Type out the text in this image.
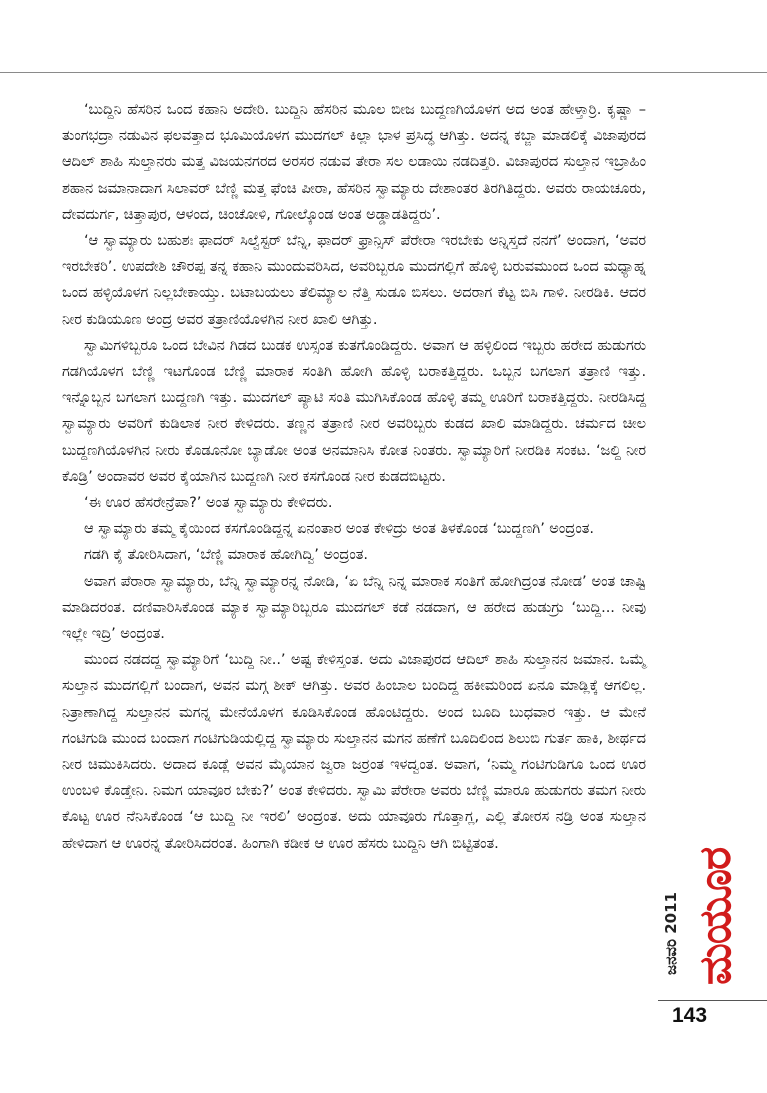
‘ಬುದ್ದಿನಿ ಹೆಸರಿನ ಒಂದ ಕಹಾನಿ ಅದೇರಿ. ಬುದ್ದಿನಿ ಹೆಸರಿನ ಮೂಲ ಬೀಜ ಬುದ್ದಣಗಿಯೊಳಗ ಅದ ಅಂತ ಹೇಳ್ತಾರ್ರಿ. ಕೃಷ್ಣಾ – ತುಂಗಭದ್ರಾ ನಡುವಿನ ಫಲವತ್ತಾದ ಭೂಮಿಯೊಳಗ ಮುದಗಲ್ ಕಿಲ್ಲಾ ಭಾಳ ಪ್ರಸಿದ್ಧ ಆಗಿತ್ತು. ಅದನ್ನ ಕಬ್ಜಾ ಮಾಡಲಿಕ್ಕೆ ವಿಜಾಪುರದ ಆದಿಲ್ ಶಾಹಿ ಸುಲ್ತಾನರು ಮತ್ತ ವಿಜಯನಗರದ ಅರಸರ ನಡುವ ತೇರಾ ಸಲ ಲಡಾಯಿ ನಡದಿತ್ತರಿ. ವಿಜಾಪುರದ ಸುಲ್ತಾನ ಇಬ್ರಾಹಿಂ ಶಹಾನ ಜಮಾನಾದಾಗ ಸಿಲಾವರ್ ಬೆಣ್ಣಿ ಮತ್ತ ಫೆಂಚಿ ಪೀರಾ, ಹೆಸರಿನ ಸ್ವಾಮ್ಯಾರು ದೇಶಾಂತರ ತಿರಗಿತಿದ್ದರು. ಅವರು ರಾಯಚೂರು, ದೇವದುರ್ಗ, ಚಿತ್ತಾಪುರ, ಆಳಂದ, ಚಿಂಚೋಳಿ, ಗೋಲ್ಕೊಂಡ ಅಂತ ಅಡ್ಡಾಡತಿದ್ದರು’.

‘ಆ ಸ್ವಾಮ್ಯಾರು ಬಹುಶಃ ಫಾದರ್ ಸಿಲ್ವೆಸ್ಟರ್ ಬೆನ್ನಿ, ಫಾದರ್ ಫ್ರಾನ್ಸಿಸ್ ಪೆರೇರಾ ಇರಬೇಕು ಅನ್ನಿಸ್ತದೆ ನನಗೆ’ ಅಂದಾಗ, ‘ಅವರ ಇರಬೇಕರಿ’. ಉಪದೇಶಿ ಚೌರಪ್ಪ ತನ್ನ ಕಹಾನಿ ಮುಂದುವರಿಸಿದ, ಅವರಿಬ್ಬರೂ ಮುದಗಲ್ಲಿಗೆ ಹೊಳ್ಳಿ ಬರುವಮುಂದ ಒಂದ ಮಧ್ಯಾಹ್ನ ಒಂದ ಹಳ್ಳಿಯೊಳಗ ನಿಲ್ಲಬೇಕಾಯ್ತು. ಬಟಾಬಯಲು ತೆಲಿಮ್ಯಾಲ ನೆತ್ತಿ ಸುಡೂ ಬಿಸಲು. ಅದರಾಗ ಕೆಟ್ಟ ಬಿಸಿ ಗಾಳಿ. ನೀರಡಿಕಿ. ಆದರ ನೀರ ಕುಡಿಯೂಣ ಅಂದ್ರ ಅವರ ತತ್ರಾಣಿಯೊಳಗಿನ ನೀರ ಖಾಲಿ ಆಗಿತ್ತು.

ಸ್ವಾಮಿಗಳಿಬ್ಬರೂ ಒಂದ ಬೇವಿನ ಗಿಡದ ಬುಡಕ ಉಸ್ಸಂತ ಕುತಗೊಂಡಿದ್ದರು. ಅವಾಗ ಆ ಹಳ್ಳಿಲಿಂದ ಇಬ್ಬರು ಹರೇದ ಹುಡುಗರು ಗಡಗಿಯೊಳಗ ಬೆಣ್ಣಿ ಇಟಗೊಂಡ ಬೆಣ್ಣಿ ಮಾರಾಕ ಸಂತಿಗಿ ಹೋಗಿ ಹೊಳ್ಳಿ ಬರಾಕತ್ತಿದ್ದರು. ಒಬ್ಬನ ಬಗಲಾಗ ತತ್ರಾಣಿ ಇತ್ತು. ಇನ್ನೊಬ್ಬನ ಬಗಲಾಗ ಬುದ್ದಣಗಿ ಇತ್ತು. ಮುದಗಲ್ ಪ್ಯಾಟಿ ಸಂತಿ ಮುಗಿಸಿಕೊಂಡ ಹೊಳ್ಳಿ ತಮ್ಮ ಊರಿಗೆ ಬರಾಕತ್ತಿದ್ದರು. ನೀರಡಿಸಿದ್ದ ಸ್ವಾಮ್ಯಾರು ಅವರಿಗೆ ಕುಡಿಲಾಕ ನೀರ ಕೇಳಿದರು. ತಣ್ಣನ ತತ್ರಾಣಿ ನೀರ ಅವರಿಬ್ಬರು ಕುಡದ ಖಾಲಿ ಮಾಡಿದ್ದರು. ಚರ್ಮದ ಚೀಲ ಬುದ್ದಣಗಿಯೊಳಗಿನ ನೀರು ಕೊಡೂನೋ ಬ್ಯಾಡೋ ಅಂತ ಅನಮಾನಿಸಿ ಕೋತ ನಿಂತರು. ಸ್ವಾಮ್ಯಾರಿಗೆ ನೀರಡಿಕಿ ಸಂಕಟ. ‘ಜಲ್ದಿ ನೀರ ಕೊಡ್ರಿ’ ಅಂದಾವರ ಅವರ ಕೈಯಾಗಿನ ಬುದ್ದಣಗಿ ನೀರ ಕಸಗೊಂಡ ನೀರ ಕುಡದಬಿಟ್ಟರು.

‘ಈ ಊರ ಹೆಸರೇನ್ರೆಪಾ?’ ಅಂತ ಸ್ವಾಮ್ಯಾರು ಕೇಳಿದರು.

ಆ ಸ್ವಾಮ್ಯಾರು ತಮ್ಮ ಕೈಯಿಂದ ಕಸಗೊಂಡಿದ್ದನ್ನ ಏನಂತಾರ ಅಂತ ಕೇಳಿದ್ರು ಅಂತ ತಿಳಕೊಂಡ ‘ಬುದ್ದಣಗಿ’ ಅಂದ್ರಂತ.

ಗಡಗಿ ಕೈ ತೋರಿಸಿದಾಗ, ‘ಬೆಣ್ಣಿ ಮಾರಾಕ ಹೋಗಿದ್ವಿ’ ಅಂದ್ರಂತ.

ಅವಾಗ ಪೆರಾರಾ ಸ್ವಾಮ್ಯಾರು, ಬೆನ್ನಿ ಸ್ವಾಮ್ಯಾರನ್ನ ನೋಡಿ, ‘ಏ ಬೆನ್ನಿ ನಿನ್ನ ಮಾರಾಕ ಸಂತಿಗೆ ಹೋಗಿದ್ರಂತ ನೋಡ’ ಅಂತ ಚಾಷ್ಟಿ ಮಾಡಿದರಂತ. ದಣಿವಾರಿಸಿಕೊಂಡ ಮ್ಯಾಕ ಸ್ವಾಮ್ಯಾರಿಬ್ಬರೂ ಮುದಗಲ್ ಕಡೆ ನಡದಾಗ, ಆ ಹರೇದ ಹುಡುಗ್ರು ‘ಬುದ್ದಿ... ನೀವು ಇಲ್ಲೇ ಇದ್ರಿ’ ಅಂದ್ರಂತ.

ಮುಂದ ನಡದದ್ದ ಸ್ವಾಮ್ಯಾರಿಗೆ ‘ಬುದ್ದಿ ನೀ..’ ಅಷ್ಟ ಕೇಳಿಸ್ತಂತ. ಅದು ವಿಜಾಪುರದ ಆದಿಲ್ ಶಾಹಿ ಸುಲ್ತಾನನ ಜಮಾನ. ಒಮ್ಮೆ ಸುಲ್ತಾನ ಮುದಗಲ್ಲಿಗೆ ಬಂದಾಗ, ಅವನ ಮಗ್ಗ ಶೀಕ್ ಆಗಿತ್ತು. ಅವರ ಹಿಂಬಾಲ ಬಂದಿದ್ದ ಹಕೀಮರಿಂದ ಏನೂ ಮಾಡ್ಲಿಕ್ಕೆ ಆಗಲಿಲ್ಲ. ನಿತ್ರಾಣಾಗಿದ್ದ ಸುಲ್ತಾನನ ಮಗನ್ನ ಮೇನೆಯೊಳಗ ಕೂಡಿಸಿಕೊಂಡ ಹೊಂಟಿದ್ದರು. ಅಂದ ಬೂದಿ ಬುಧವಾರ ಇತ್ತು. ಆ ಮೇನೆ ಗಂಟಿಗುಡಿ ಮುಂದ ಬಂದಾಗ ಗಂಟಿಗುಡಿಯಲ್ಲಿದ್ದ ಸ್ವಾಮ್ಯಾರು ಸುಲ್ತಾನನ ಮಗನ ಹಣೆಗೆ ಬೂದಿಲಿಂದ ಶಿಲುಬಿ ಗುರ್ತ ಹಾಕಿ, ಶೀರ್ಥದ ನೀರ ಚಿಮುಕಿಸಿದರು. ಅದಾದ ಕೂಡ್ಲೆ ಅವನ ಮೈಯಾನ ಜ್ವರಾ ಜರ್ರಂತ ಇಳದ್ವಂತ. ಅವಾಗ, ‘ನಿಮ್ಮ ಗಂಟಿಗುಡಿಗೂ ಒಂದ ಊರ ಉಂಬಳಿ ಕೊಡ್ತೇನಿ. ನಿಮಗ ಯಾವೂರ ಬೇಕು?’ ಅಂತ ಕೇಳಿದರು. ಸ್ವಾಮಿ ಪೆರೇರಾ ಅವರು ಬೆಣ್ಣಿ ಮಾರೂ ಹುಡುಗರು ತಮಗ ನೀರು ಕೊಟ್ಟ ಊರ ನೆನಿಸಿಕೊಂಡ ‘ಆ ಬುದ್ದಿ ನೀ ಇರಲಿ’ ಅಂದ್ರಂತ. ಅದು ಯಾವೂರು ಗೊತ್ತಾಗ್ಲ, ಎಲ್ಲಿ ತೋರಸ ನಡ್ರಿ ಅಂತ ಸುಲ್ತಾನ ಹೇಳಿದಾಗ ಆ ಊರನ್ನ ತೋರಿಸಿದರಂತ. ಹಿಂಗಾಗಿ ಕಡೀಕ ಆ ಊರ ಹೆಸರು ಬುದ್ದಿನಿ ಆಗಿ ಬಿಟ್ಟಿತಂತ.

ಜನವರಿ 2011 ಮಯೂರ
143
